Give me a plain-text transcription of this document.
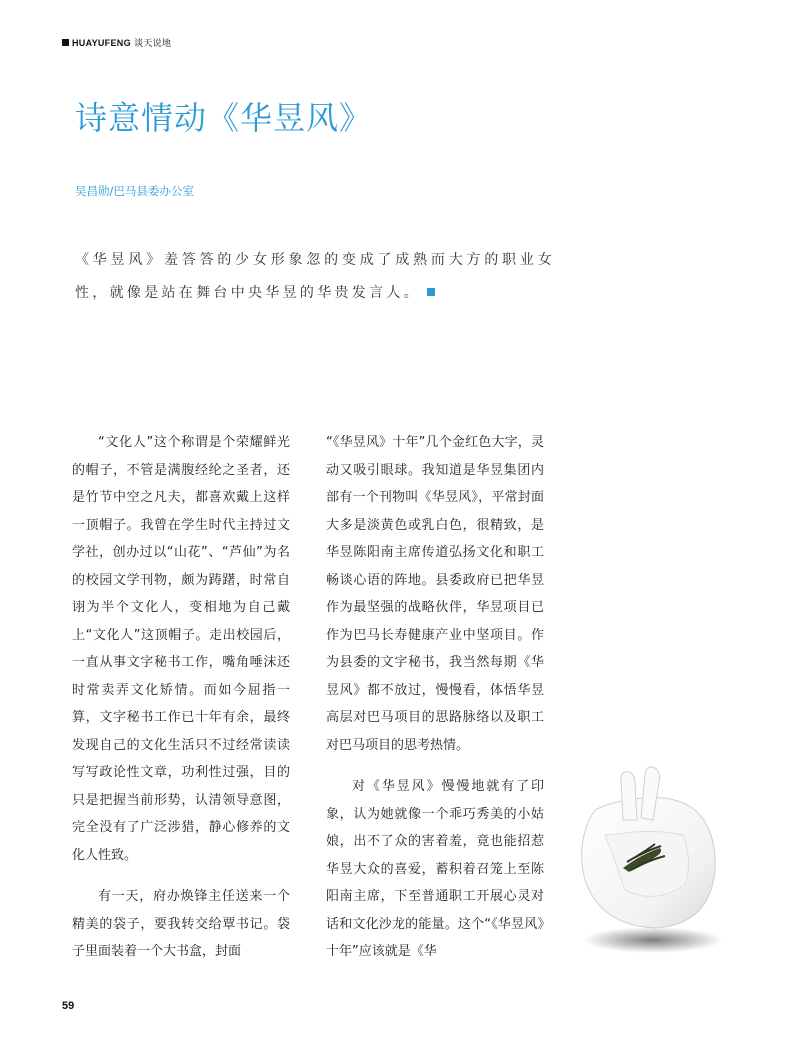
HUAYUFENG 谈天说地
诗意情动《华昱风》
吴昌勋/巴马县委办公室
《华昱风》羞答答的少女形象忽的变成了成熟而大方的职业女性，就像是站在舞台中央华昱的华贵发言人。

“文化人”这个称谓是个荣耀鲜光的帽子，不管是满腹经纶之圣者，还是竹节中空之凡夫，都喜欢戴上这样一顶帽子。我曾在学生时代主持过文学社，创办过以“山花”、“芦仙”为名的校园文学刊物，颇为踌躇，时常自诩为半个文化人，变相地为自己戴上“文化人”这顶帽子。走出校园后，一直从事文字秘书工作，嘴角唾沫还时常卖弄文化矫情。而如今屈指一算，文字秘书工作已十年有余，最终发现自己的文化生活只不过经常读读写写政论性文章，功利性过强，目的只是把握当前形势，认清领导意图，完全没有了广泛涉猎，静心修养的文化人性致。

有一天，府办焕锋主任送来一个精美的袋子，要我转交给覃书记。袋子里面装着一个大书盒，封面

“《华昱风》十年”几个金红色大字，灵动又吸引眼球。我知道是华昱集团内部有一个刊物叫《华昱风》，平常封面大多是淡黄色或乳白色，很精致，是华昱陈阳南主席传道弘扬文化和职工畅谈心语的阵地。县委政府已把华昱作为最坚强的战略伙伴，华昱项目已作为巴马长寿健康产业中坚项目。作为县委的文字秘书，我当然每期《华昱风》都不放过，慢慢看，体悟华昱高层对巴马项目的思路脉络以及职工对巴马项目的思考热情。

对《华昱风》慢慢地就有了印象，认为她就像一个乖巧秀美的小姑娘，出不了众的害着羞，竟也能招惹华昱大众的喜爱，蓄积着召笼上至陈阳南主席，下至普通职工开展心灵对话和文化沙龙的能量。这个“《华昱风》十年”应该就是《华

59
